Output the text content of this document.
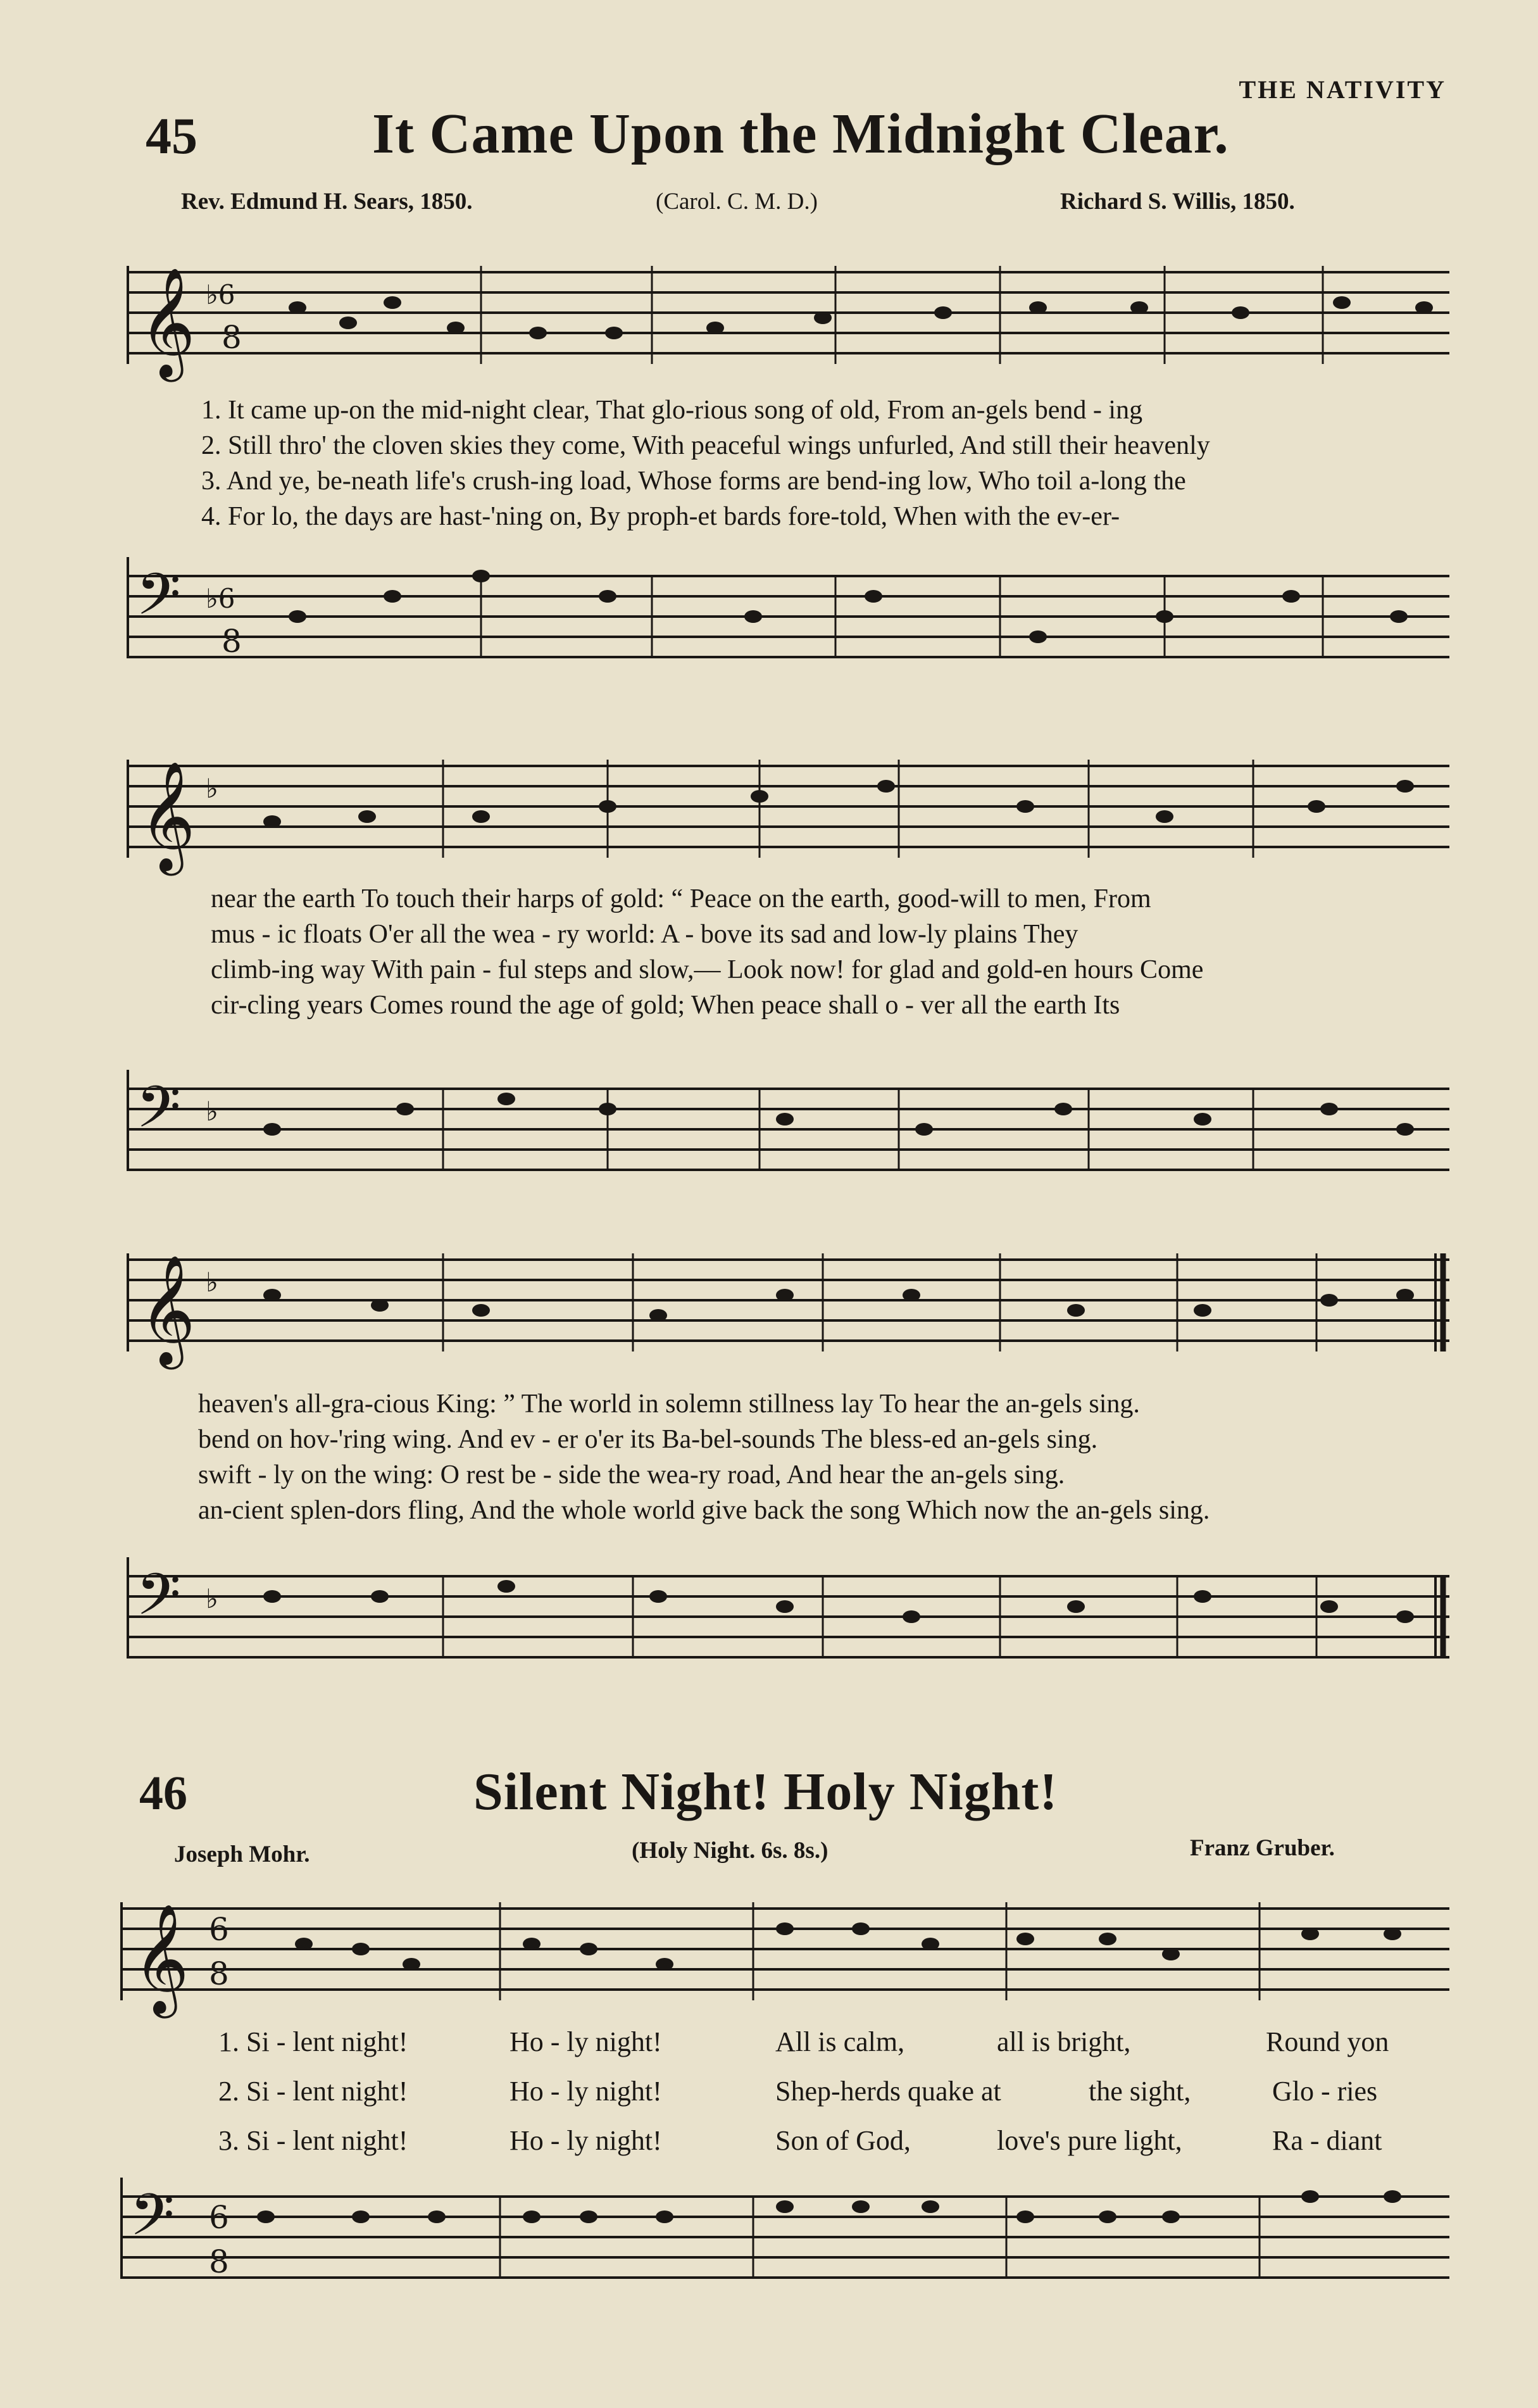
THE NATIVITY
45	It Came Upon the Midnight Clear.
Rev. Edmund H. Sears, 1850.	(Carol. C. M. D.)	Richard S. Willis, 1850.
𝄞 ♭6
8
1. It came up-on the mid-night clear, That glo-rious song of old, From an-gels bend - ing
2. Still thro' the cloven skies they come, With peaceful wings unfurled, And still their heavenly
3. And ye, be-neath life's crush-ing load, Whose forms are bend-ing low, Who toil a-long the
4. For lo, the days are hast-'ning on, By proph-et bards fore-told, When with the ev-er-
𝄢 ♭6
8
𝄞 ♭
near the earth To touch their harps of gold: “ Peace on the earth, good-will to men, From
mus - ic floats O'er all the wea - ry world: A - bove its sad and low-ly plains They
climb-ing way With pain - ful steps and slow,— Look now! for glad and gold-en hours Come
cir-cling years Comes round the age of gold; When peace shall o - ver all the earth Its
𝄢 ♭
𝄞 ♭
heaven's all-gra-cious King: ” The world in solemn stillness lay To hear the an-gels sing.
bend on hov-'ring wing. And ev - er o'er its Ba-bel-sounds The bless-ed an-gels sing.
swift - ly on the wing: O rest be - side the wea-ry road, And hear the an-gels sing.
an-cient splen-dors fling, And the whole world give back the song Which now the an-gels sing.
𝄢 ♭
46	Silent Night! Holy Night!
Joseph Mohr.	(Holy Night. 6s. 8s.)	Franz Gruber.
𝄞 6
8
1. Si - lent night!	Ho - ly night!	All is calm,	all is bright,	Round yon
2. Si - lent night!	Ho - ly night!	Shep-herds quake at	the sight,	Glo - ries
3. Si - lent night!	Ho - ly night!	Son of God,	love's pure light,	Ra - diant
𝄢 6
8
